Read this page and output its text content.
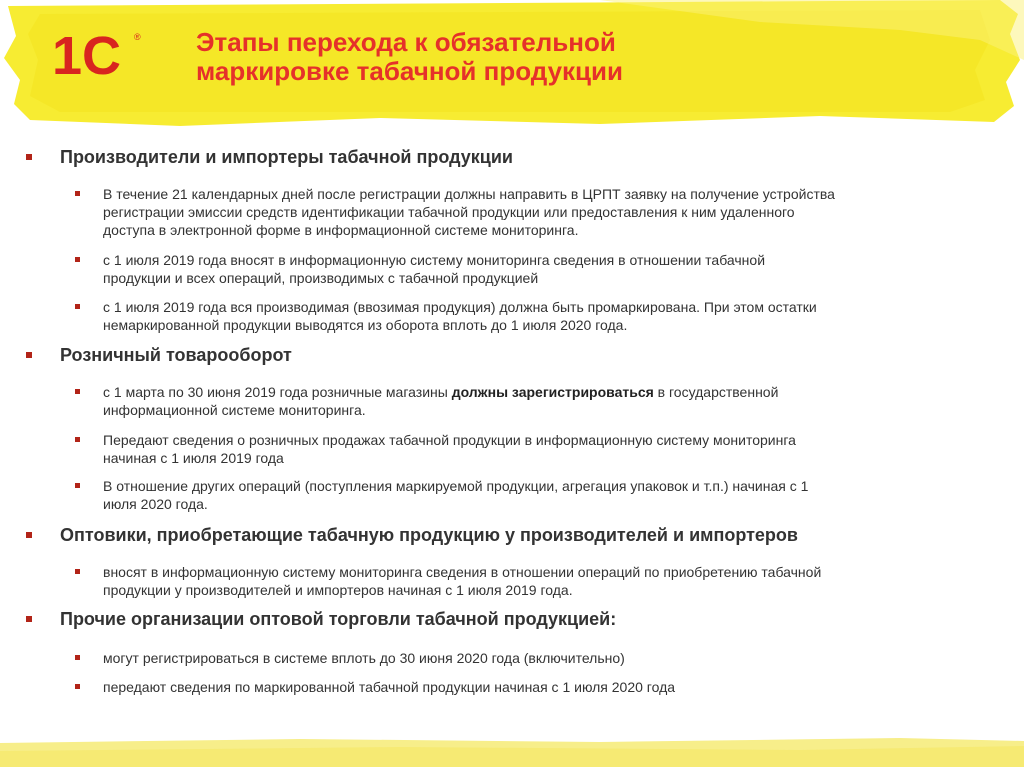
1С ® Этапы перехода к обязательной
маркировке табачной продукции
Производители и импортеры табачной продукции
В течение 21 календарных дней после регистрации должны направить в ЦРПТ заявку на получение устройства
регистрации эмиссии средств идентификации табачной продукции или предоставления к ним удаленного
доступа в электронной форме в информационной системе мониторинга.
с 1 июля 2019 года вносят в информационную систему мониторинга сведения в отношении табачной
продукции и всех операций, производимых с табачной продукцией
с 1 июля 2019 года вся производимая (ввозимая продукция) должна быть промаркирована. При этом остатки
немаркированной продукции выводятся из оборота вплоть до 1 июля 2020 года.
Розничный товарооборот
с 1 марта по 30 июня 2019 года розничные магазины должны зарегистрироваться в государственной
информационной системе мониторинга.
Передают сведения о розничных продажах табачной продукции в информационную систему мониторинга
начиная с 1 июля 2019 года
В отношение других операций (поступления маркируемой продукции, агрегация упаковок и т.п.) начиная с 1
июля 2020 года.
Оптовики, приобретающие табачную продукцию у производителей и импортеров
вносят в информационную систему мониторинга сведения в отношении операций по приобретению табачной
продукции у производителей и импортеров начиная с 1 июля 2019 года.
Прочие организации оптовой торговли табачной продукцией:
могут регистрироваться в системе вплоть до 30 июня 2020 года (включительно)
передают сведения по маркированной табачной продукции начиная с 1 июля 2020 года
